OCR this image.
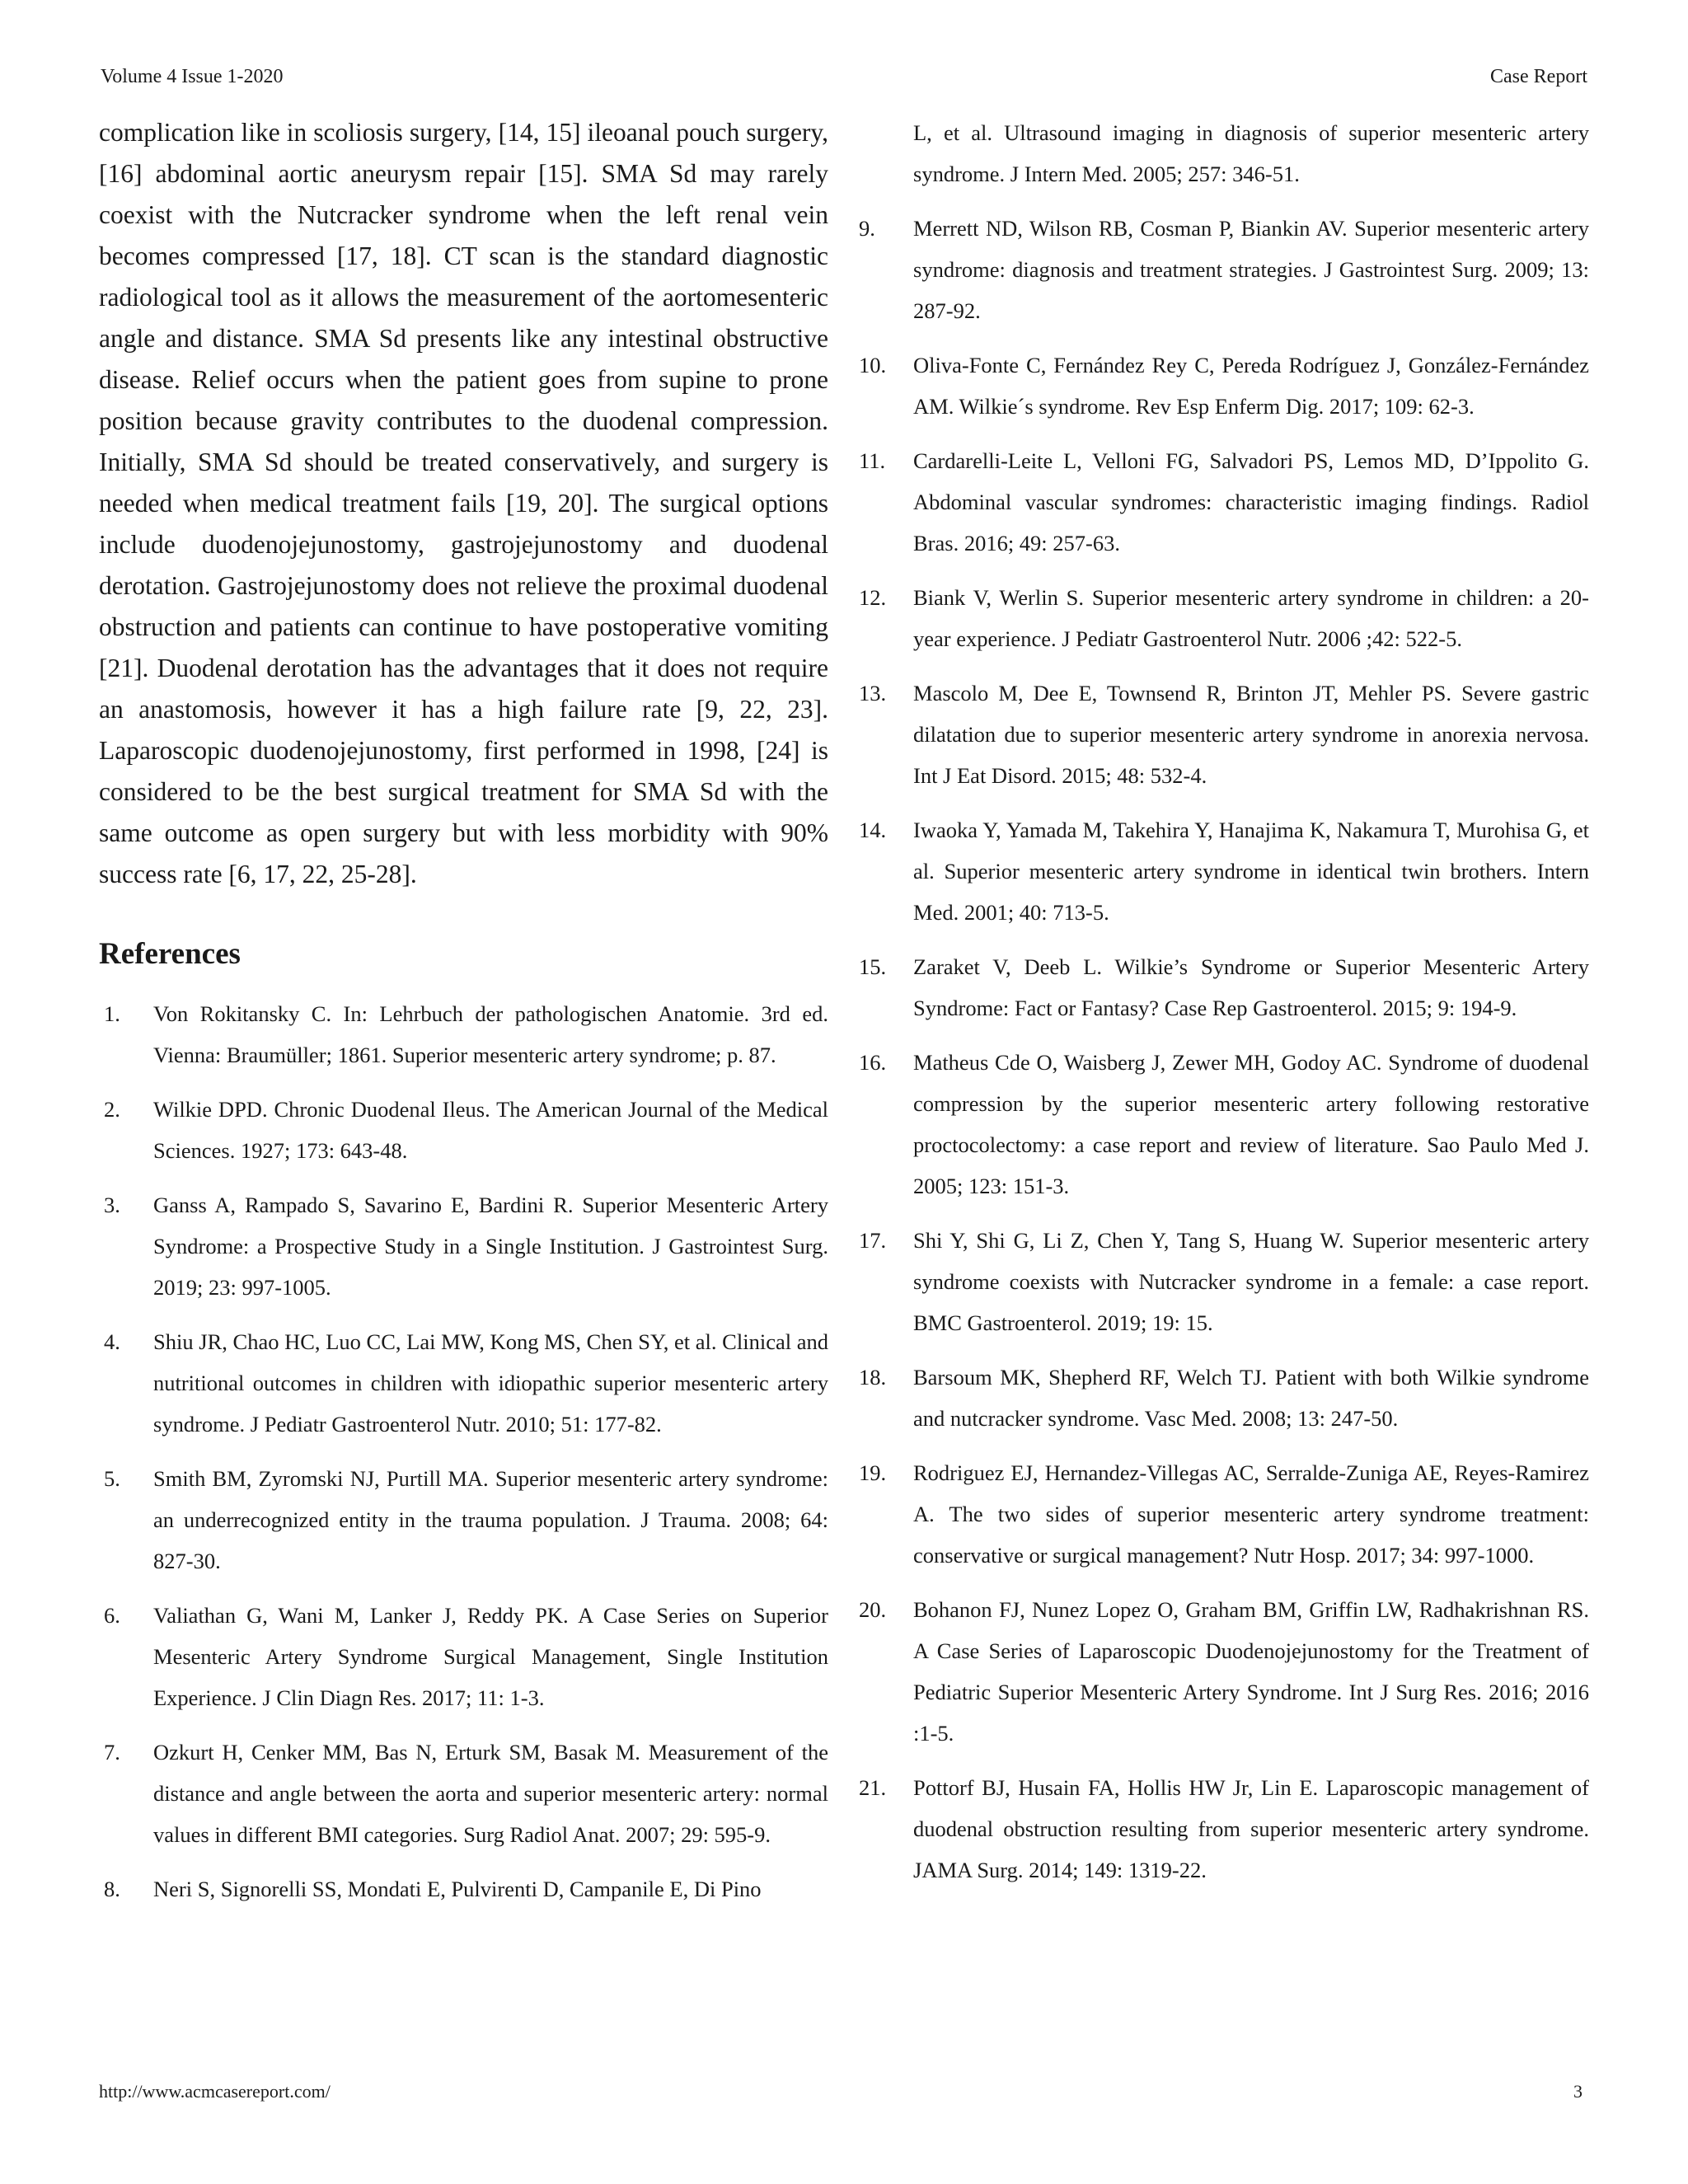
Volume 4 Issue 1-2020	Case Report

complication like in scoliosis surgery, [14, 15] ileoanal pouch surgery, [16] abdominal aortic aneurysm repair [15]. SMA Sd may rarely coexist with the Nutcracker syndrome when the left renal vein becomes compressed [17, 18]. CT scan is the standard diagnostic radiological tool as it allows the measurement of the aortomesenteric angle and distance. SMA Sd presents like any intestinal obstructive disease. Relief occurs when the patient goes from supine to prone position because gravity contributes to the duodenal compression. Initially, SMA Sd should be treated conservatively, and surgery is needed when medical treatment fails [19, 20]. The surgical options include duodenojejunostomy, gastrojejunostomy and duodenal derotation. Gastrojejunostomy does not relieve the proximal duodenal obstruction and patients can continue to have postoperative vomiting [21]. Duodenal derotation has the advantages that it does not require an anastomosis, however it has a high failure rate [9, 22, 23]. Laparoscopic duodenojejunostomy, first performed in 1998, [24] is considered to be the best surgical treatment for SMA Sd with the same outcome as open surgery but with less morbidity with 90% success rate [6, 17, 22, 25-28].

References
1. Von Rokitansky C. In: Lehrbuch der pathologischen Anatomie. 3rd ed. Vienna: Braumüller; 1861. Superior mesenteric artery syndrome; p. 87.
2. Wilkie DPD. Chronic Duodenal Ileus. The American Journal of the Medical Sciences. 1927; 173: 643-48.
3. Ganss A, Rampado S, Savarino E, Bardini R. Superior Mesenteric Artery Syndrome: a Prospective Study in a Single Institution. J Gastrointest Surg. 2019; 23: 997-1005.
4. Shiu JR, Chao HC, Luo CC, Lai MW, Kong MS, Chen SY, et al. Clinical and nutritional outcomes in children with idiopathic superior mesenteric artery syndrome. J Pediatr Gastroenterol Nutr. 2010; 51: 177-82.
5. Smith BM, Zyromski NJ, Purtill MA. Superior mesenteric artery syndrome: an underrecognized entity in the trauma population. J Trauma. 2008; 64: 827-30.
6. Valiathan G, Wani M, Lanker J, Reddy PK. A Case Series on Superior Mesenteric Artery Syndrome Surgical Management, Single Institution Experience. J Clin Diagn Res. 2017; 11: 1-3.
7. Ozkurt H, Cenker MM, Bas N, Erturk SM, Basak M. Measurement of the distance and angle between the aorta and superior mesenteric artery: normal values in different BMI categories. Surg Radiol Anat. 2007; 29: 595-9.
8. Neri S, Signorelli SS, Mondati E, Pulvirenti D, Campanile E, Di Pino
L, et al. Ultrasound imaging in diagnosis of superior mesenteric artery syndrome. J Intern Med. 2005; 257: 346-51.
9. Merrett ND, Wilson RB, Cosman P, Biankin AV. Superior mesenteric artery syndrome: diagnosis and treatment strategies. J Gastrointest Surg. 2009; 13: 287-92.
10. Oliva-Fonte C, Fernández Rey C, Pereda Rodríguez J, González-Fernández AM. Wilkie´s syndrome. Rev Esp Enferm Dig. 2017; 109: 62-3.
11. Cardarelli-Leite L, Velloni FG, Salvadori PS, Lemos MD, D’Ippolito G. Abdominal vascular syndromes: characteristic imaging findings. Radiol Bras. 2016; 49: 257-63.
12. Biank V, Werlin S. Superior mesenteric artery syndrome in children: a 20-year experience. J Pediatr Gastroenterol Nutr. 2006 ;42: 522-5.
13. Mascolo M, Dee E, Townsend R, Brinton JT, Mehler PS. Severe gastric dilatation due to superior mesenteric artery syndrome in anorexia nervosa. Int J Eat Disord. 2015; 48: 532-4.
14. Iwaoka Y, Yamada M, Takehira Y, Hanajima K, Nakamura T, Murohisa G, et al. Superior mesenteric artery syndrome in identical twin brothers. Intern Med. 2001; 40: 713-5.
15. Zaraket V, Deeb L. Wilkie’s Syndrome or Superior Mesenteric Artery Syndrome: Fact or Fantasy? Case Rep Gastroenterol. 2015; 9: 194-9.
16. Matheus Cde O, Waisberg J, Zewer MH, Godoy AC. Syndrome of duodenal compression by the superior mesenteric artery following restorative proctocolectomy: a case report and review of literature. Sao Paulo Med J. 2005; 123: 151-3.
17. Shi Y, Shi G, Li Z, Chen Y, Tang S, Huang W. Superior mesenteric artery syndrome coexists with Nutcracker syndrome in a female: a case report. BMC Gastroenterol. 2019; 19: 15.
18. Barsoum MK, Shepherd RF, Welch TJ. Patient with both Wilkie syndrome and nutcracker syndrome. Vasc Med. 2008; 13: 247-50.
19. Rodriguez EJ, Hernandez-Villegas AC, Serralde-Zuniga AE, Reyes-Ramirez A. The two sides of superior mesenteric artery syndrome treatment: conservative or surgical management? Nutr Hosp. 2017; 34: 997-1000.
20. Bohanon FJ, Nunez Lopez O, Graham BM, Griffin LW, Radhakrishnan RS. A Case Series of Laparoscopic Duodenojejunostomy for the Treatment of Pediatric Superior Mesenteric Artery Syndrome. Int J Surg Res. 2016; 2016 :1-5.
21. Pottorf BJ, Husain FA, Hollis HW Jr, Lin E. Laparoscopic management of duodenal obstruction resulting from superior mesenteric artery syndrome. JAMA Surg. 2014; 149: 1319-22.
http://www.acmcasereport.com/	3
